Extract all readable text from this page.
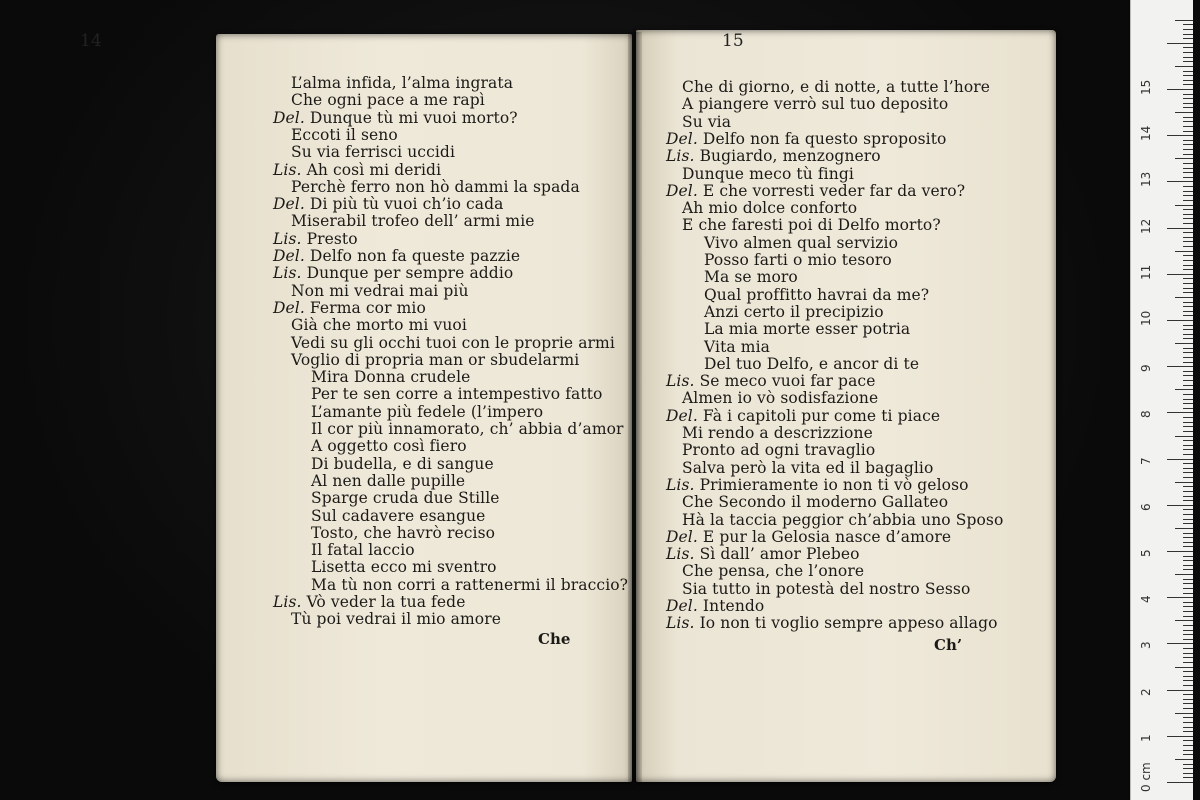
14	15
L’alma infida, l’alma ingrata
Che ogni pace a me rapì
Del. Dunque tù mi vuoi morto?
Eccoti il seno
Su via ferrisci uccidi
Lis. Ah così mi deridi
Perchè ferro non hò dammi la spada
Del. Di più tù vuoi ch’io cada
Miserabil trofeo dell’ armi mie
Lis. Presto
Del. Delfo non fa queste pazzie
Lis. Dunque per sempre addio
Non mi vedrai mai più
Del. Ferma cor mio
Già che morto mi vuoi
Vedi su gli occhi tuoi con le proprie armi
Voglio di propria man or sbudelarmi
Mira Donna crudele
Per te sen corre a intempestivo fatto
L’amante più fedele (l’impero
Il cor più innamorato, ch’ abbia d’amor
A oggetto così fiero
Di budella, e di sangue
Al nen dalle pupille
Sparge cruda due Stille
Sul cadavere esangue
Tosto, che havrò reciso
Il fatal laccio
Lisetta ecco mi sventro
Ma tù non corri a rattenermi il braccio?
Lis. Vò veder la tua fede
Tù poi vedrai il mio amore
Che di giorno, e di notte, a tutte l’hore
A piangere verrò sul tuo deposito
Su via
Del. Delfo non fa questo sproposito
Lis. Bugiardo, menzognero
Dunque meco tù fingi
Del. E che vorresti veder far da vero?
Ah mio dolce conforto
E che faresti poi di Delfo morto?
Vivo almen qual servizio
Posso farti o mio tesoro
Ma se moro
Qual proffitto havrai da me?
Anzi certo il precipizio
La mia morte esser potria
Vita mia
Del tuo Delfo, e ancor di te
Lis. Se meco vuoi far pace
Almen io vò sodisfazione
Del. Fà i capitoli pur come ti piace
Mi rendo a descrizzione
Pronto ad ogni travaglio
Salva però la vita ed il bagaglio
Lis. Primieramente io non ti vò geloso
Che Secondo il moderno Gallateo
Hà la taccia peggior ch’abbia uno Sposo
Del. E pur la Gelosia nasce d’amore
Lis. Sì dall’ amor Plebeo
Che pensa, che l’onore
Sia tutto in potestà del nostro Sesso
Del. Intendo
Lis. Io non ti voglio sempre appeso allago
Che	Ch’
0 cm
1
2
3
4
5
6
7
8
9
10
11
12
13
14
15
